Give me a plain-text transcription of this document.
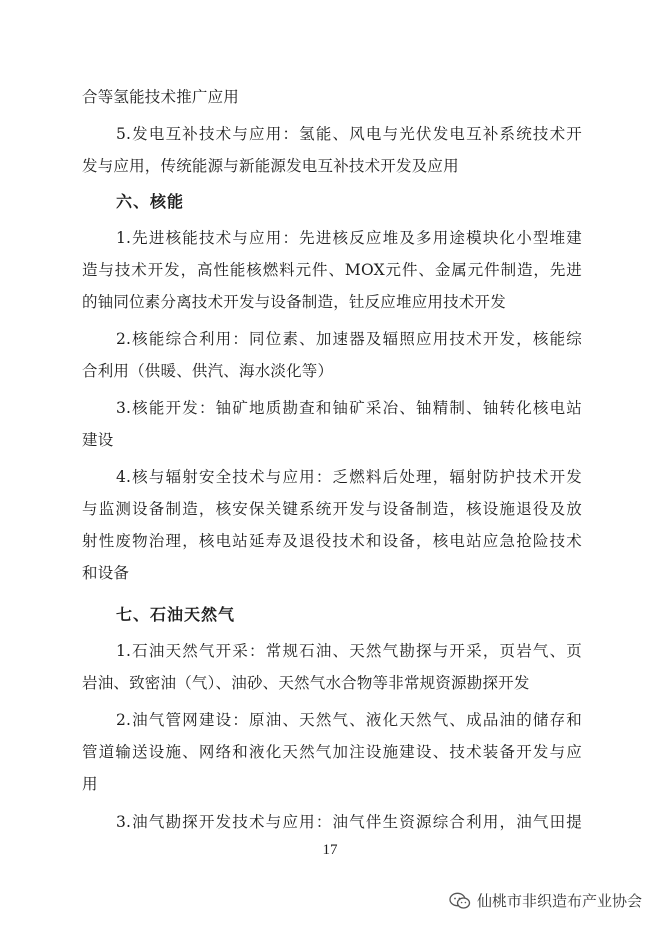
合等氢能技术推广应用
5.发电互补技术与应用：氢能、风电与光伏发电互补系统技术开
发与应用，传统能源与新能源发电互补技术开发及应用
六、核能
1.先进核能技术与应用：先进核反应堆及多用途模块化小型堆建
造与技术开发，高性能核燃料元件、MOX元件、金属元件制造，先进
的铀同位素分离技术开发与设备制造，钍反应堆应用技术开发
2.核能综合利用：同位素、加速器及辐照应用技术开发，核能综
合利用（供暖、供汽、海水淡化等）
3.核能开发：铀矿地质勘查和铀矿采冶、铀精制、铀转化核电站
建设
4.核与辐射安全技术与应用：乏燃料后处理，辐射防护技术开发
与监测设备制造，核安保关键系统开发与设备制造，核设施退役及放
射性废物治理，核电站延寿及退役技术和设备，核电站应急抢险技术
和设备
七、石油天然气
1.石油天然气开采：常规石油、天然气勘探与开采，页岩气、页
岩油、致密油（气）、油砂、天然气水合物等非常规资源勘探开发
2.油气管网建设：原油、天然气、液化天然气、成品油的储存和
管道输送设施、网络和液化天然气加注设施建设、技术装备开发与应
用
3.油气勘探开发技术与应用：油气伴生资源综合利用，油气田提
17
仙桃市非织造布产业协会
